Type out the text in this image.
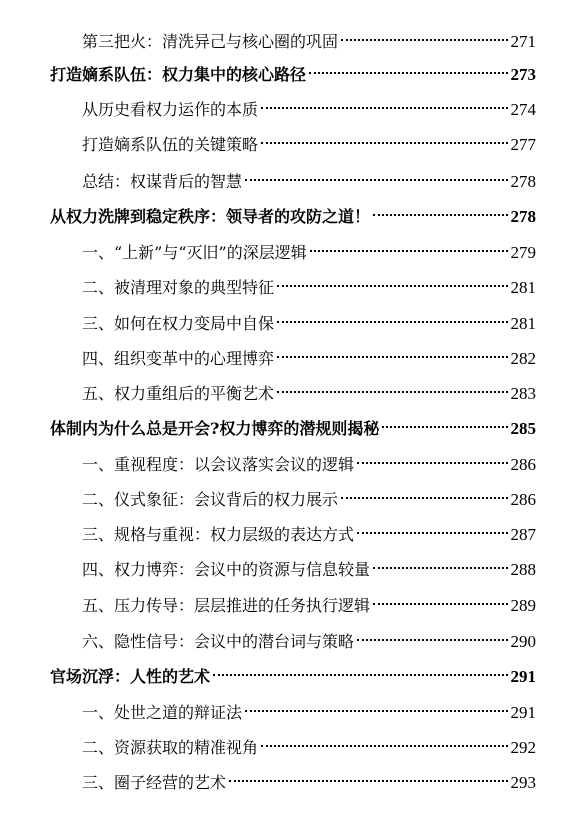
第三把火：清洗异己与核心圈的巩固	271
打造嫡系队伍：权力集中的核心路径	273
从历史看权力运作的本质	274
打造嫡系队伍的关键策略	277
总结：权谋背后的智慧	278
从权力洗牌到稳定秩序：领导者的攻防之道！	278
一、“上新”与“灭旧”的深层逻辑	279
二、被清理对象的典型特征	281
三、如何在权力变局中自保	281
四、组织变革中的心理博弈	282
五、权力重组后的平衡艺术	283
体制内为什么总是开会?权力博弈的潜规则揭秘	285
一、重视程度：以会议落实会议的逻辑	286
二、仪式象征：会议背后的权力展示	286
三、规格与重视：权力层级的表达方式	287
四、权力博弈：会议中的资源与信息较量	288
五、压力传导：层层推进的任务执行逻辑	289
六、隐性信号：会议中的潜台词与策略	290
官场沉浮：人性的艺术	291
一、处世之道的辩证法	291
二、资源获取的精准视角	292
三、圈子经营的艺术	293
